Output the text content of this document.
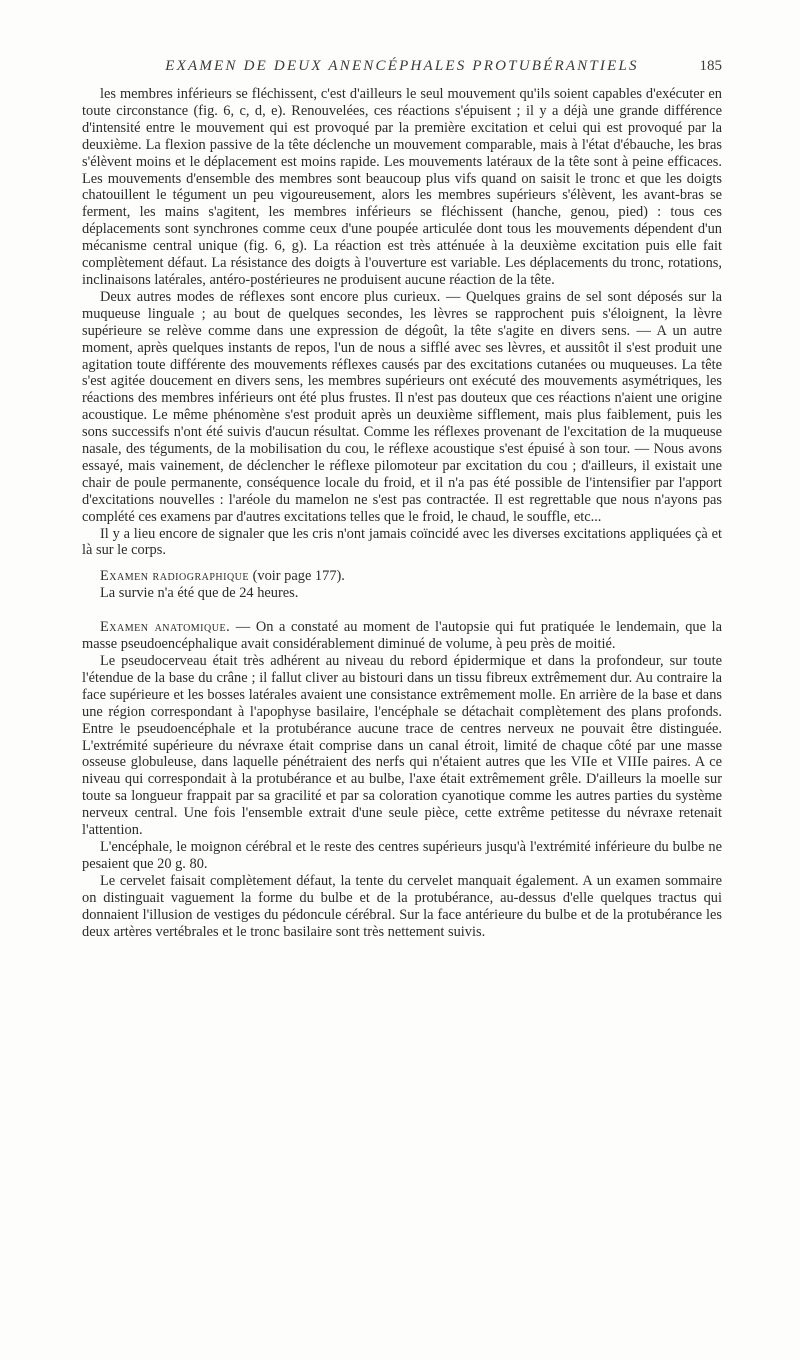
EXAMEN DE DEUX ANENCÉPHALES PROTUBÉRANTIELS	185

les membres inférieurs se fléchissent, c'est d'ailleurs le seul mouvement qu'ils soient capables d'exécuter en toute circonstance (fig. 6, c, d, e). Renouvelées, ces réactions s'épuisent ; il y a déjà une grande différence d'intensité entre le mouvement qui est provoqué par la première excitation et celui qui est provoqué par la deuxième. La flexion passive de la tête déclenche un mouvement comparable, mais à l'état d'ébauche, les bras s'élèvent moins et le déplacement est moins rapide. Les mouvements latéraux de la tête sont à peine efficaces. Les mouvements d'ensemble des membres sont beaucoup plus vifs quand on saisit le tronc et que les doigts chatouillent le tégument un peu vigoureusement, alors les membres supérieurs s'élèvent, les avant-bras se ferment, les mains s'agitent, les membres inférieurs se fléchissent (hanche, genou, pied) : tous ces déplacements sont synchrones comme ceux d'une poupée articulée dont tous les mouvements dépendent d'un mécanisme central unique (fig. 6, g). La réaction est très atténuée à la deuxième excitation puis elle fait complètement défaut. La résistance des doigts à l'ouverture est variable. Les déplacements du tronc, rotations, inclinaisons latérales, antéro-postérieures ne produisent aucune réaction de la tête.

Deux autres modes de réflexes sont encore plus curieux. — Quelques grains de sel sont déposés sur la muqueuse linguale ; au bout de quelques secondes, les lèvres se rapprochent puis s'éloignent, la lèvre supérieure se relève comme dans une expression de dégoût, la tête s'agite en divers sens. — A un autre moment, après quelques instants de repos, l'un de nous a sifflé avec ses lèvres, et aussitôt il s'est produit une agitation toute différente des mouvements réflexes causés par des excitations cutanées ou muqueuses. La tête s'est agitée doucement en divers sens, les membres supérieurs ont exécuté des mouvements asymétriques, les réactions des membres inférieurs ont été plus frustes. Il n'est pas douteux que ces réactions n'aient une origine acoustique. Le même phénomène s'est produit après un deuxième sifflement, mais plus faiblement, puis les sons successifs n'ont été suivis d'aucun résultat. Comme les réflexes provenant de l'excitation de la muqueuse nasale, des téguments, de la mobilisation du cou, le réflexe acoustique s'est épuisé à son tour. — Nous avons essayé, mais vainement, de déclencher le réflexe pilomoteur par excitation du cou ; d'ailleurs, il existait une chair de poule permanente, conséquence locale du froid, et il n'a pas été possible de l'intensifier par l'apport d'excitations nouvelles : l'aréole du mamelon ne s'est pas contractée. Il est regrettable que nous n'ayons pas complété ces examens par d'autres excitations telles que le froid, le chaud, le souffle, etc...

Il y a lieu encore de signaler que les cris n'ont jamais coïncidé avec les diverses excitations appliquées çà et là sur le corps.

Examen radiographique (voir page 177).

La survie n'a été que de 24 heures.

Examen anatomique. — On a constaté au moment de l'autopsie qui fut pratiquée le lendemain, que la masse pseudoencéphalique avait considérablement diminué de volume, à peu près de moitié.

Le pseudocerveau était très adhérent au niveau du rebord épidermique et dans la profondeur, sur toute l'étendue de la base du crâne ; il fallut cliver au bistouri dans un tissu fibreux extrêmement dur. Au contraire la face supérieure et les bosses latérales avaient une consistance extrêmement molle. En arrière de la base et dans une région correspondant à l'apophyse basilaire, l'encéphale se détachait complètement des plans profonds. Entre le pseudoencéphale et la protubérance aucune trace de centres nerveux ne pouvait être distinguée. L'extrémité supérieure du névraxe était comprise dans un canal étroit, limité de chaque côté par une masse osseuse globuleuse, dans laquelle pénétraient des nerfs qui n'étaient autres que les VIIe et VIIIe paires. A ce niveau qui correspondait à la protubérance et au bulbe, l'axe était extrêmement grêle. D'ailleurs la moelle sur toute sa longueur frappait par sa gracilité et par sa coloration cyanotique comme les autres parties du système nerveux central. Une fois l'ensemble extrait d'une seule pièce, cette extrême petitesse du névraxe retenait l'attention.

L'encéphale, le moignon cérébral et le reste des centres supérieurs jusqu'à l'extrémité inférieure du bulbe ne pesaient que 20 g. 80.

Le cervelet faisait complètement défaut, la tente du cervelet manquait également. A un examen sommaire on distinguait vaguement la forme du bulbe et de la protubérance, au-dessus d'elle quelques tractus qui donnaient l'illusion de vestiges du pédoncule cérébral. Sur la face antérieure du bulbe et de la protubérance les deux artères vertébrales et le tronc basilaire sont très nettement suivis.
